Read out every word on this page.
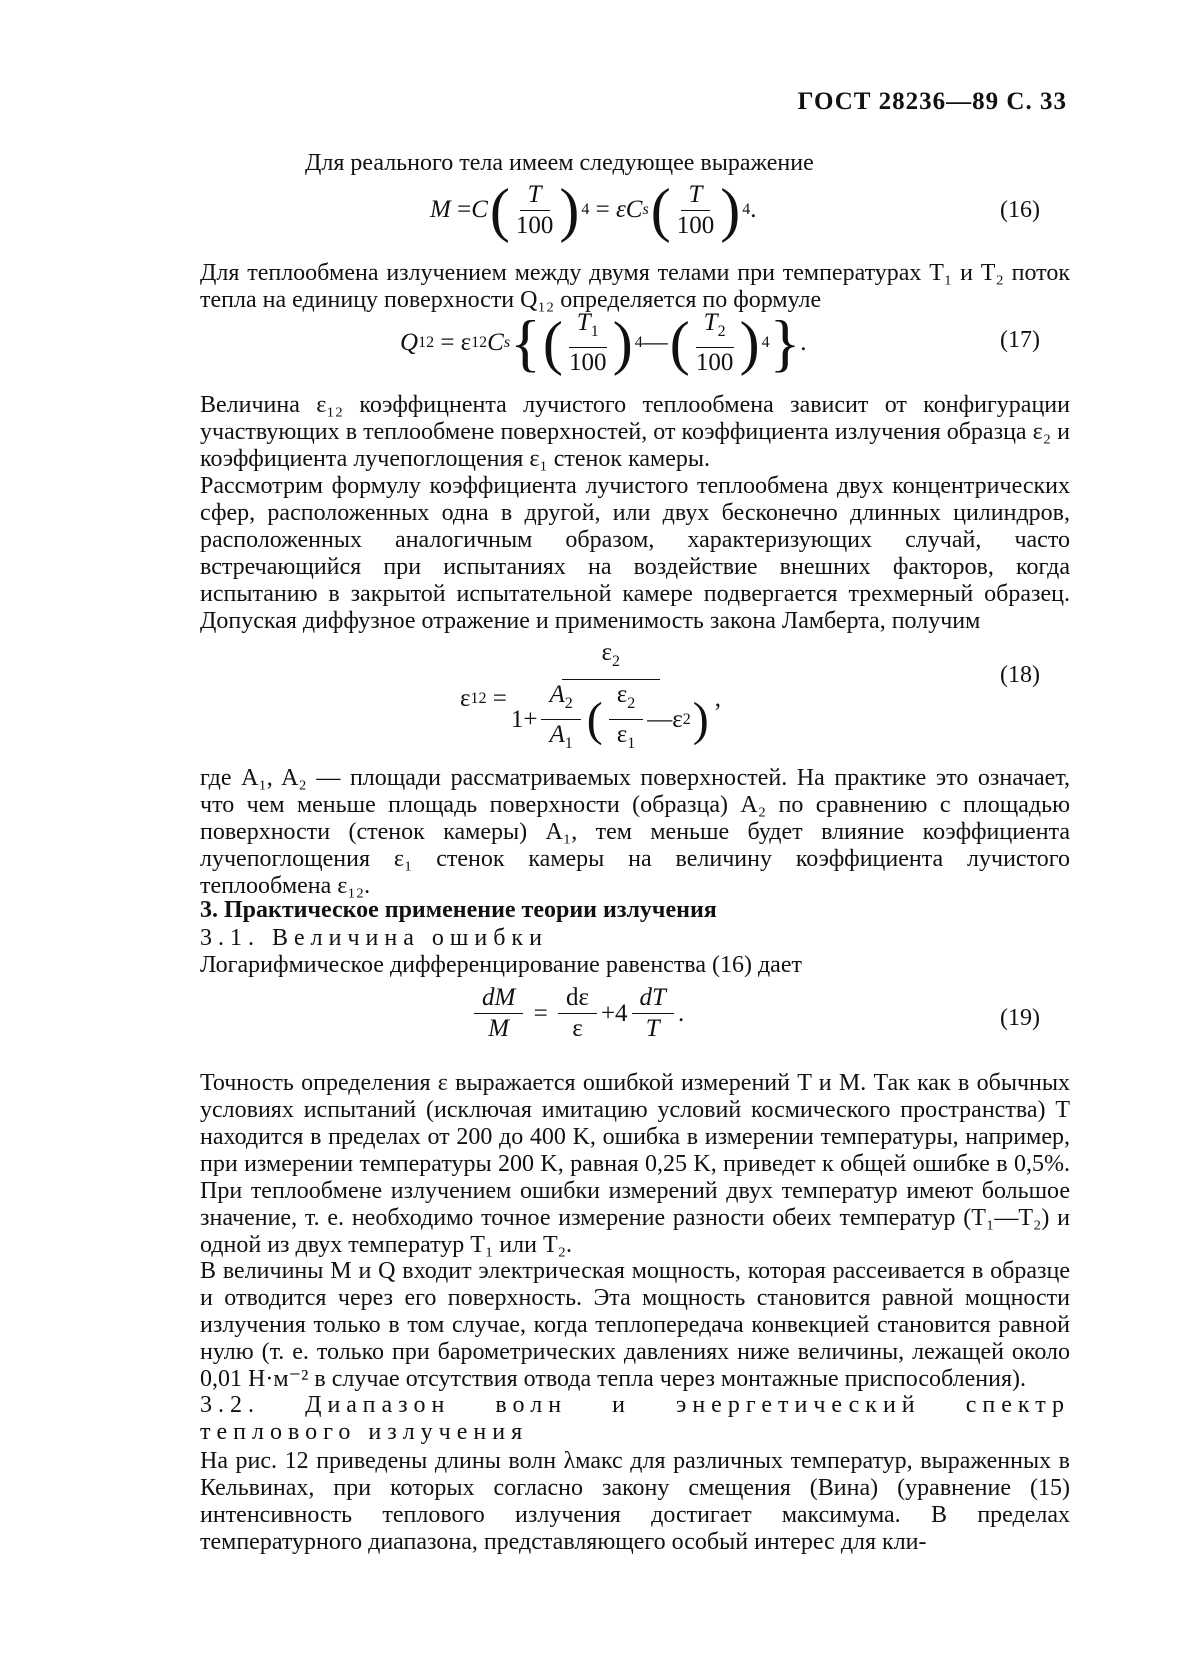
ГОСТ 28236—89 С. 33
Для реального тела имеем следующее выражение
M
= C ( $\frac{T}{100}$ ) 4
=
εC s ( $\frac{T}{100}$ ) 4 .	(16)
Для теплообмена излучением между двумя телами при температурах T₁ и T₂ поток тепла на единицу поверхности Q₁₂ определяется по формуле
Q 12
=
ε 12 C s { ( $\frac{T_1}{100}$ ) 4 — ( $\frac{T_2}{100}$ ) 4 } .	(17)
Величина ε₁₂ коэффицнента лучистого теплообмена зависит от конфигурации участвующих в теплообмене поверхностей, от коэффициента излучения образца ε₂ и коэффициента лучепоглощения ε₁ стенок камеры.
Рассмотрим формулу коэффициента лучистого теплообмена двух концентрических сфер, расположенных одна в другой, или двух бесконечно длинных цилиндров, расположенных аналогичным образом, характеризующих случай, часто встречающийся при испытаниях на воздействие внешних факторов, когда испытанию в закрытой испытательной камере подвергается трехмерный образец. Допуская диффузное отражение и применимость закона Ламберта, получим
ε 12
= $\frac{\varepsilon_2}{1+ \frac{A_2}{A_1} ( \frac{\varepsilon_2}{\varepsilon_1} — \varepsilon 2 )}$ ,
(18)
где A₁, A₂ — площади рассматриваемых поверхностей. На практике это означает, что чем меньше площадь поверхности (образца) A₂ по сравнению с площадью поверхности (стенок камеры) A₁, тем меньше будет влияние коэффициента лучепоглощения ε₁ стенок камеры на величину коэффициента лучистого теплообмена ε₁₂.
3. Практическое применение теории излучения
3.1. Величина ошибки
Логарифмическое дифференцирование равенства (16) дает
$\frac{dM}{M}$
=
$\frac{d\varepsilon}{\varepsilon} +4 \frac{dT}{T}$ .	(19)
Точность определения ε выражается ошибкой измерений T и M. Так как в обычных условиях испытаний (исключая имитацию условий космического пространства) T находится в пределах от 200 до 400 K, ошибка в измерении температуры, например, при измерении температуры 200 K, равная 0,25 K, приведет к общей ошибке в 0,5%. При теплообмене излучением ошибки измерений двух температур имеют большое значение, т. е. необходимо точное измерение разности обеих температур (T₁—T₂) и одной из двух температур T₁ или T₂.
В величины M и Q входит электрическая мощность, которая рассеивается в образце и отводится через его поверхность. Эта мощность становится равной мощности излучения только в том случае, когда теплопередача конвекцией становится равной нулю (т. е. только при барометрических давлениях ниже величины, лежащей около 0,01 Н·м⁻² в случае отсутствия отвода тепла через монтажные приспособления).
3.2. Диапазон волн и энергетический спектр теплового излучения
На рис. 12 приведены длины волн λмакс для различных температур, выраженных в Кельвинах, при которых согласно закону смещения (Вина) (уравнение (15) интенсивность теплового излучения достигает максимума. В пределах температурного диапазона, представляющего особый интерес для кли-
